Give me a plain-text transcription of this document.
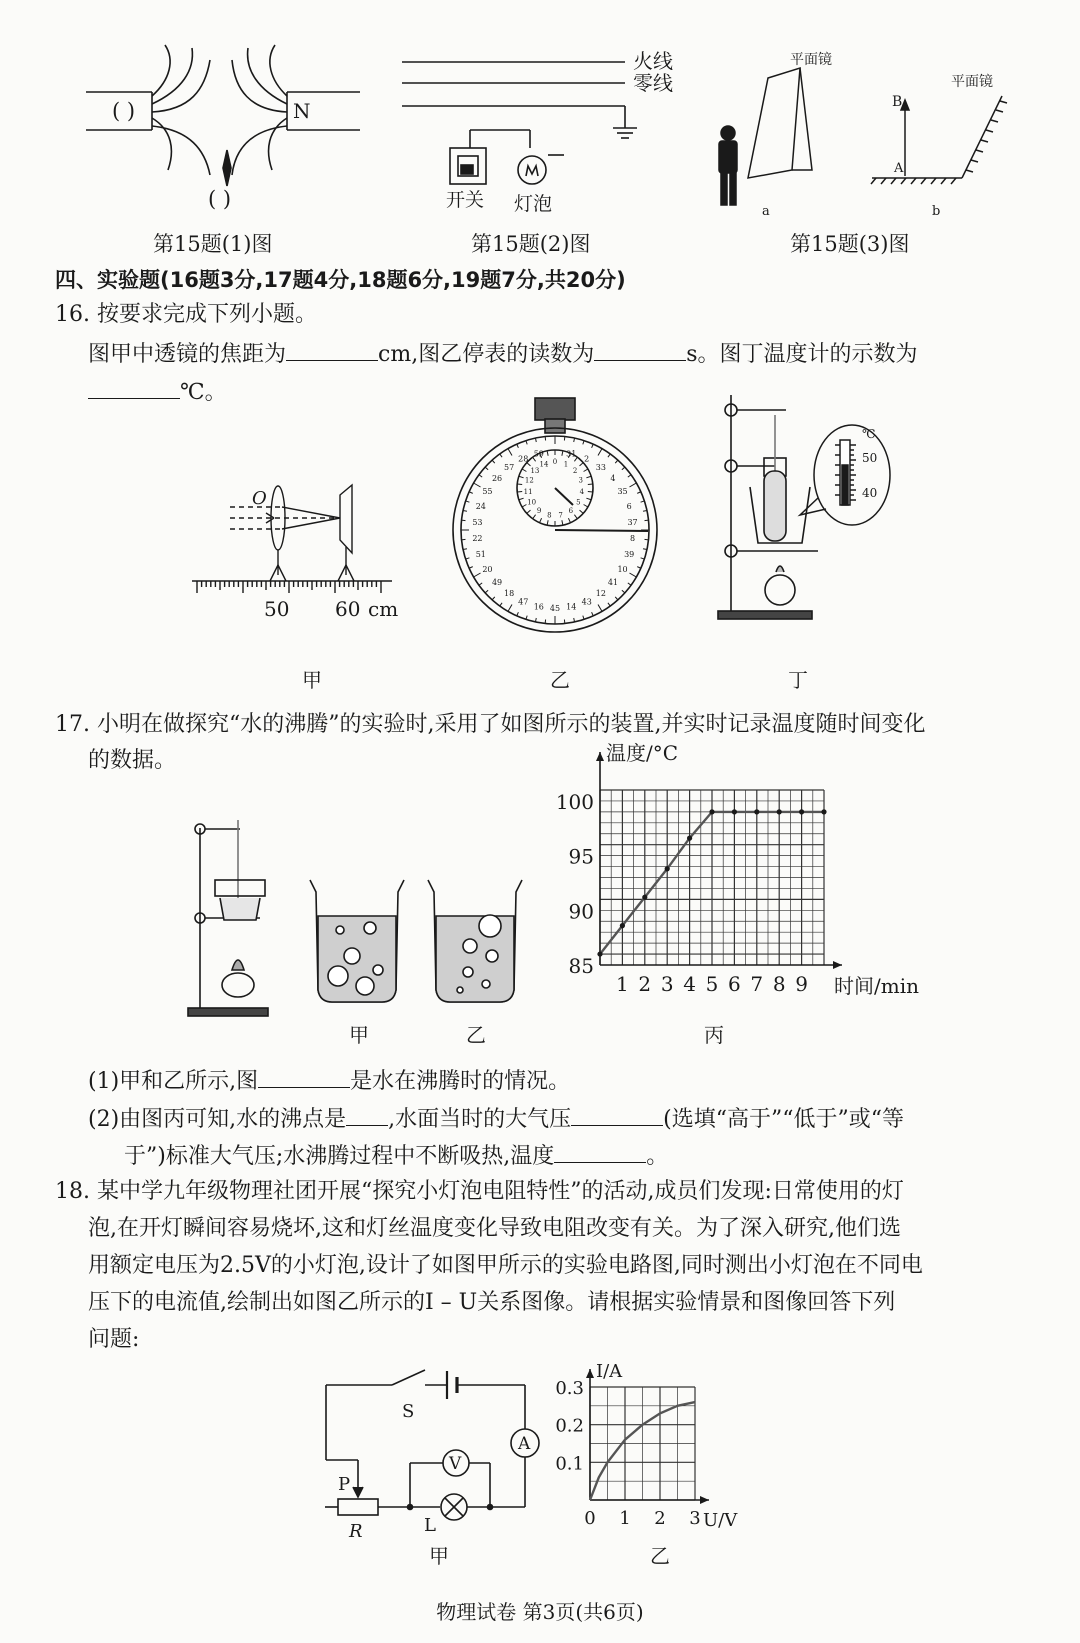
( )	N
( )
火线
零线
开关 灯泡
平面镜
a
平面镜
B
A
b
第15题(1)图	第15题(2)图	第15题(3)图
四、实验题(16题3分,17题4分,18题6分,19题7分,共20分)
16. 按要求完成下列小题。
图甲中透镜的焦距为	cm,图乙停表的读数为	s。图丁温度计的示数为
℃。
50 60 cm
O
甲
31
2
33
4
35
6
37
8
39
10
41
12
43
14
45
16
47
18
49
20
51
22
53
24
55
26
57
28
59
0 1
2
3
4
5
6
7
8
9
10
11
12
13
14
乙
℃
50
40
丁
17. 小明在做探究“水的沸腾”的实验时,采用了如图所示的装置,并实时记录温度随时间变化
的数据。
甲	乙
1 2 3 4 5 6 7 8 9
85
90
95
100
时间/min
温度/°C
丙
(1)甲和乙所示,图	是水在沸腾时的情况。
(2)由图丙可知,水的沸点是 ,水面当时的大气压	(选填“高于”“低于”或“等
于”)标准大气压;水沸腾过程中不断吸热,温度	。
18. 某中学九年级物理社团开展“探究小灯泡电阻特性”的活动,成员们发现:日常使用的灯
泡,在开灯瞬间容易烧坏,这和灯丝温度变化导致电阻改变有关。为了深入研究,他们选
用额定电压为2.5V的小灯泡,设计了如图甲所示的实验电路图,同时测出小灯泡在不同电
压下的电流值,绘制出如图乙所示的I – U关系图像。请根据实验情景和图像回答下列
问题:
S
A
V
P
R	L
甲
0 1 2 3
0.1
0.2
0.3
U/V
I/A
乙
物理试卷 第3页(共6页)
